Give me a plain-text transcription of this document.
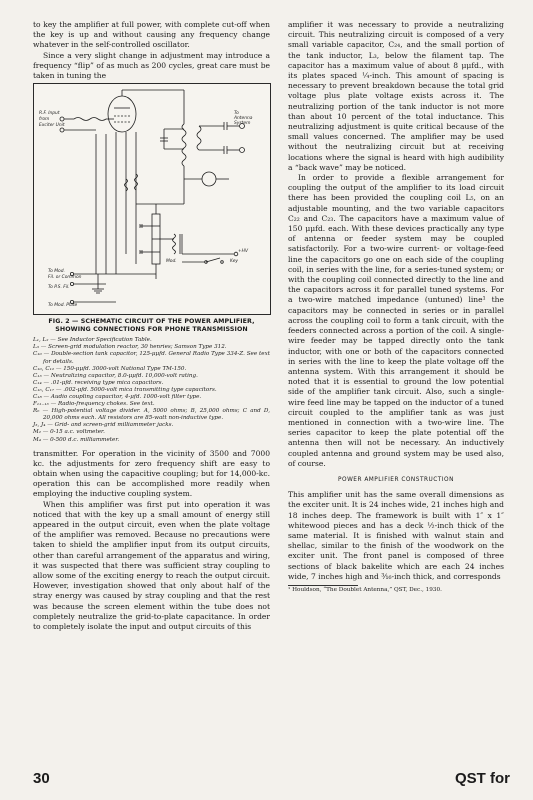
to key the amplifier at full power, with complete cut-off when the key is up and without causing any frequency change whatever in the self-controlled oscillator.

Since a very slight change in adjustment may introduce a frequency “flip” of as much as 200 cycles, great care must be taken in tuning the

R.F. Input
from
Exciter Unit
To
Antenna
System
To Mod.
Fil. or Common
To P.S. Fil.
To Mod. Plate
Key
+HV
Mod.
FIG. 2 — SCHEMATIC CIRCUIT OF THE POWER AMPLIFIER, SHOWING CONNECTIONS FOR PHONE TRANSMISSION
L₁, L₂ — See Inductor Specification Table.
L₃ — Screen-grid modulation reactor, 30 henries; Samson Type 312.
C₁₀ — Double-section tank capacitor, 125-μμfd. General Radio Type 334-Z. See text for details.
C₁₀, C₁₂ — 150-μμfd. 3000-volt National Type TM-150.
C₁₃ — Neutralizing capacitor, 8.0-μμfd. 10,000-volt rating.
C₁₄ — .01-μfd. receiving type mica capacitors.
C₁₆, C₁₇ — .002-μfd. 5000-volt mica transmitting type capacitors.
C₁₈ — Audio coupling capacitor, 4-μfd. 1000-volt filter type.
F₁₁₋₁₃ — Radio-frequency chokes. See text.
R₆ — High-potential voltage divider. A, 5000 ohms; B, 25,000 ohms; C and D, 20,000 ohms each. All resistors are 85-watt non-inductive type.
J₃, J₄ — Grid- and screen-grid milliammeter jacks.
M₂ — 0-15 a.c. voltmeter.
M₄ — 0-500 d.c. milliammeter.

transmitter. For operation in the vicinity of 3500 and 7000 kc. the adjustments for zero frequency shift are easy to obtain when using the capacitive coupling; but for 14,000-kc. operation this can be accomplished more readily when employing the inductive coupling system.

When this amplifier was first put into operation it was noticed that with the key up a small amount of energy still appeared in the output circuit, even when the plate voltage of the amplifier was removed. Because no precautions were taken to shield the amplifier input from its output circuits, other than careful arrangement of the apparatus and wiring, it was suspected that there was sufficient stray coupling to allow some of the exciting energy to reach the output circuit. However, investigation showed that only about half of the stray energy was caused by stray coupling and that the rest was because the screen element within the tube does not completely neutralize the grid-to-plate capacitance. In order to completely isolate the input and output circuits of this

amplifier it was necessary to provide a neutralizing circuit. This neutralizing circuit is composed of a very small variable capacitor, C₂₄, and the small portion of the tank inductor, L₃, below the filament tap. The capacitor has a maximum value of about 8 μμfd., with its plates spaced ¼-inch. This amount of spacing is necessary to prevent breakdown because the total grid voltage plus plate voltage exists across it. The neutralizing portion of the tank inductor is not more than about 10 percent of the total inductance. This neutralizing adjustment is quite critical because of the small values concerned. The amplifier may be used without the neutralizing circuit but at receiving locations where the signal is heard with high audibility a “back wave” may be noticed.

In order to provide a flexible arrangement for coupling the output of the amplifier to its load circuit there has been provided the coupling coil L₅, on an adjustable mounting, and the two variable capacitors C₂₂ and C₂₃. The capacitors have a maximum value of 150 μμfd. each. With these devices practically any type of antenna or feeder system may be coupled satisfactorily. For a two-wire current- or voltage-feed line the capacitors go one on each side of the coupling coil, in series with the line, for a series-tuned system; or with the coupling coil connected directly to the line and the capacitors across it for parallel tuned systems. For a two-wire matched impedance (untuned) line¹ the capacitors may be connected in series or in parallel across the coupling coil to form a tank circuit, with the feeders connected across a portion of the coil. A single-wire feeder may be tapped directly onto the tank inductor, with one or both of the capacitors connected in series with the line to keep the plate voltage off the antenna system. With this arrangement it should be noted that it is essential to ground the low potential side of the amplifier tank circuit. Also, such a single-wire feed line may be tapped on the inductor of a tuned circuit coupled to the amplifier tank as was just mentioned in connection with a two-wire line. The series capacitor to keep the plate potential off the antenna then will not be necessary. An inductively coupled antenna and ground system may be used also, of course.

POWER AMPLIFIER CONSTRUCTION

This amplifier unit has the same overall dimensions as the exciter unit. It is 24 inches wide, 21 inches high and 18 inches deep. The framework is built with 1″ x 1″ whitewood pieces and has a deck ½-inch thick of the same material. It is finished with walnut stain and shellac, similar to the finish of the woodwork on the exciter unit. The front panel is composed of three sections of black bakelite which are each 24 inches wide, 7 inches high and ³⁄₁₆-inch thick, and corresponds

¹ Houldson, “The Doublet Antenna,” QST, Dec., 1930.
30	QST for
